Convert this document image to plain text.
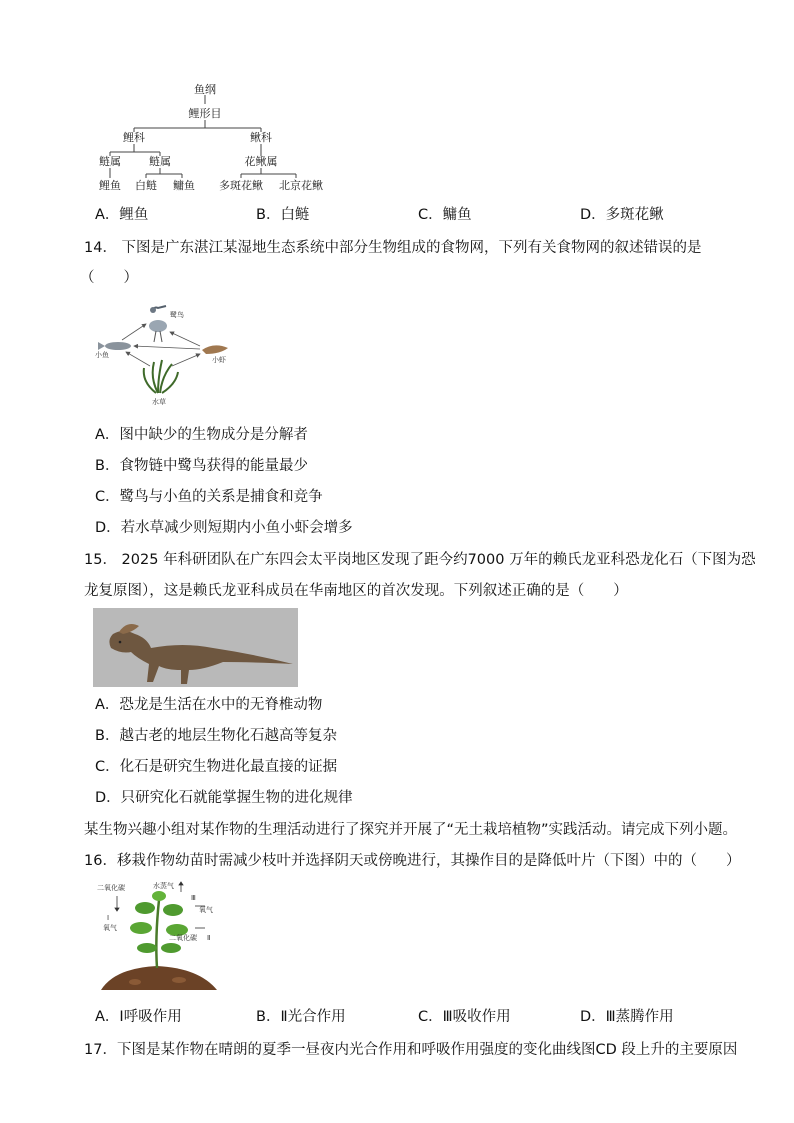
鱼纲
鲤形目
鲤科	鳅科
鲢属	鲢属	花鳅属
鲤鱼 白鲢 鳙鱼 多斑花鳅 北京花鳅
A．鲤鱼	B．白鲢	C．鳙鱼	D．多斑花鳅
14． 下图是广东湛江某湿地生态系统中部分生物组成的食物网，下列有关食物网的叙述错误的是
（　　）
鹭鸟
小鱼
小虾
水草
A．图中缺少的生物成分是分解者
B．食物链中鹭鸟获得的能量最少
C．鹭鸟与小鱼的关系是捕食和竞争
D．若水草减少则短期内小鱼小虾会增多
15． 2025 年科研团队在广东四会太平岗地区发现了距今约7000 万年的赖氏龙亚科恐龙化石（下图为恐
龙复原图），这是赖氏龙亚科成员在华南地区的首次发现。下列叙述正确的是（　　）
A．恐龙是生活在水中的无脊椎动物
B．越古老的地层生物化石越高等复杂
C．化石是研究生物进化最直接的证据
D．只研究化石就能掌握生物的进化规律
某生物兴趣小组对某作物的生理活动进行了探究并开展了“无土栽培植物”实践活动。请完成下列小题。
16．移栽作物幼苗时需减少枝叶并选择阴天或傍晚进行，其操作目的是降低叶片（下图）中的（　　）
二氧化碳	水蒸气
Ⅰ
氧气
Ⅲ
氧气
二氧化碳 Ⅱ
A．Ⅰ呼吸作用	B．Ⅱ光合作用	C．Ⅲ吸收作用	D．Ⅲ蒸腾作用
17．下图是某作物在晴朗的夏季一昼夜内光合作用和呼吸作用强度的变化曲线图CD 段上升的主要原因
